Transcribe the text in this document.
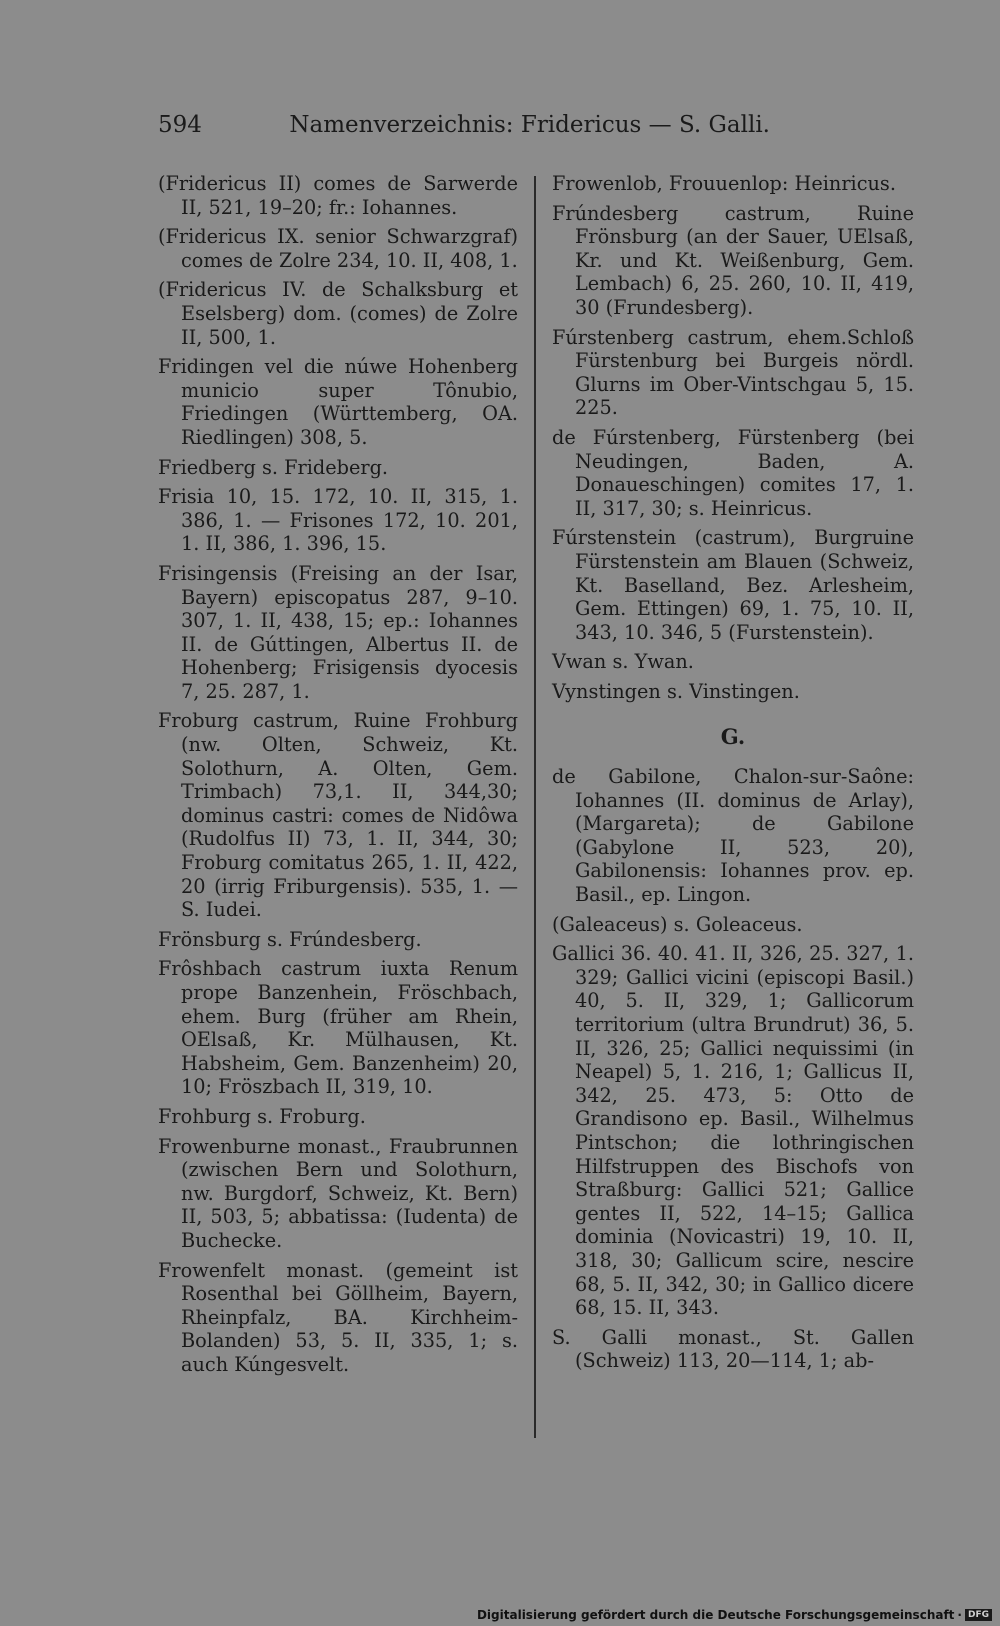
594	Namenverzeichnis: Fridericus — S. Galli.
(Fridericus II) comes de Sarwerde II, 521, 19–20; fr.: Iohannes.
(Fridericus IX. senior Schwarzgraf) comes de Zolre 234, 10. II, 408, 1.
(Fridericus IV. de Schalksburg et Eselsberg) dom. (comes) de Zolre II, 500, 1.
Fridingen vel die núwe Hohenberg municio super Tônubio, Friedingen (Württemberg, OA. Riedlingen) 308, 5.
Friedberg s. Frideberg.
Frisia 10, 15. 172, 10. II, 315, 1. 386, 1. — Frisones 172, 10. 201, 1. II, 386, 1. 396, 15.
Frisingensis (Freising an der Isar, Bayern) episcopatus 287, 9–10. 307, 1. II, 438, 15; ep.: Iohannes II. de Gúttingen, Albertus II. de Hohenberg; Frisigensis dyocesis 7, 25. 287, 1.
Froburg castrum, Ruine Frohburg (nw. Olten, Schweiz, Kt. Solothurn, A. Olten, Gem. Trimbach) 73,1. II, 344,30; dominus castri: comes de Nidôwa (Rudolfus II) 73, 1. II, 344, 30; Froburg comitatus 265, 1. II, 422, 20 (irrig Friburgensis). 535, 1. — S. Iudei.
Frönsburg s. Frúndesberg.
Frôshbach castrum iuxta Renum prope Banzenhein, Fröschbach, ehem. Burg (früher am Rhein, OElsaß, Kr. Mülhausen, Kt. Habsheim, Gem. Banzenheim) 20, 10; Fröszbach II, 319, 10.
Frohburg s. Froburg.
Frowenburne monast., Fraubrunnen (zwischen Bern und Solothurn, nw. Burgdorf, Schweiz, Kt. Bern) II, 503, 5; abbatissa: (Iudenta) de Buchecke.
Frowenfelt monast. (gemeint ist Rosenthal bei Göllheim, Bayern, Rheinpfalz, BA. Kirchheim-Bolanden) 53, 5. II, 335, 1; s. auch Kúngesvelt.
Frowenlob, Frouuenlop: Heinricus.
Frúndesberg castrum, Ruine Frönsburg (an der Sauer, UElsaß, Kr. und Kt. Weißenburg, Gem. Lembach) 6, 25. 260, 10. II, 419, 30 (Frundesberg).
Fúrstenberg castrum, ehem.Schloß Fürstenburg bei Burgeis nördl. Glurns im Ober-Vintschgau 5, 15. 225.
de Fúrstenberg, Fürstenberg (bei Neudingen, Baden, A. Donaueschingen) comites 17, 1. II, 317, 30; s. Heinricus.
Fúrstenstein (castrum), Burgruine Fürstenstein am Blauen (Schweiz, Kt. Baselland, Bez. Arlesheim, Gem. Ettingen) 69, 1. 75, 10. II, 343, 10. 346, 5 (Furstenstein).
Vwan s. Ywan.
Vynstingen s. Vinstingen.
G.
de Gabilone, Chalon-sur-Saône: Iohannes (II. dominus de Arlay), (Margareta); de Gabilone (Gabylone II, 523, 20), Gabilonensis: Iohannes prov. ep. Basil., ep. Lingon.
(Galeaceus) s. Goleaceus.
Gallici 36. 40. 41. II, 326, 25. 327, 1. 329; Gallici vicini (episcopi Basil.) 40, 5. II, 329, 1; Gallicorum territorium (ultra Brundrut) 36, 5. II, 326, 25; Gallici nequissimi (in Neapel) 5, 1. 216, 1; Gallicus II, 342, 25. 473, 5: Otto de Grandisono ep. Basil., Wilhelmus Pintschon; die lothringischen Hilfstruppen des Bischofs von Straßburg: Gallici 521; Gallice gentes II, 522, 14–15; Gallica dominia (Novicastri) 19, 10. II, 318, 30; Gallicum scire, nescire 68, 5. II, 342, 30; in Gallico dicere 68, 15. II, 343.
S. Galli monast., St. Gallen (Schweiz) 113, 20—114, 1; ab-
Digitalisierung gefördert durch die Deutsche Forschungsgemeinschaft · DFG
